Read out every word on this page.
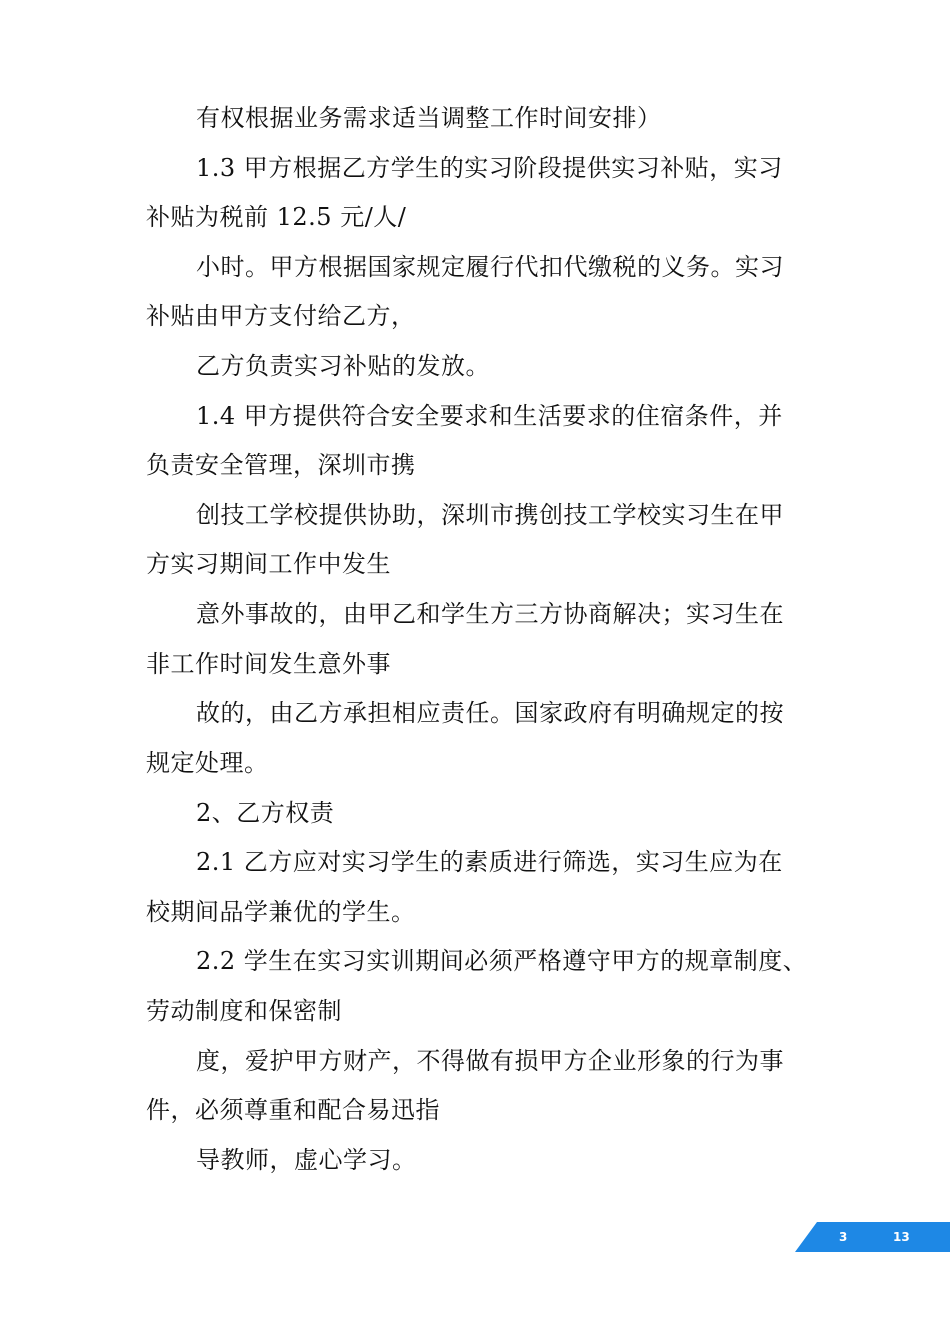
有权根据业务需求适当调整工作时间安排）
1.3 甲方根据乙方学生的实习阶段提供实习补贴，实习
补贴为税前 12.5 元/人/
小时。甲方根据国家规定履行代扣代缴税的义务。实习
补贴由甲方支付给乙方，
乙方负责实习补贴的发放。
1.4 甲方提供符合安全要求和生活要求的住宿条件，并
负责安全管理，深圳市携
创技工学校提供协助，深圳市携创技工学校实习生在甲
方实习期间工作中发生
意外事故的，由甲乙和学生方三方协商解决；实习生在
非工作时间发生意外事
故的，由乙方承担相应责任。国家政府有明确规定的按
规定处理。
2、乙方权责
2.1 乙方应对实习学生的素质进行筛选，实习生应为在
校期间品学兼优的学生。
2.2 学生在实习实训期间必须严格遵守甲方的规章制度、
劳动制度和保密制
度，爱护甲方财产，不得做有损甲方企业形象的行为事
件，必须尊重和配合易迅指
导教师，虚心学习。
3	13
